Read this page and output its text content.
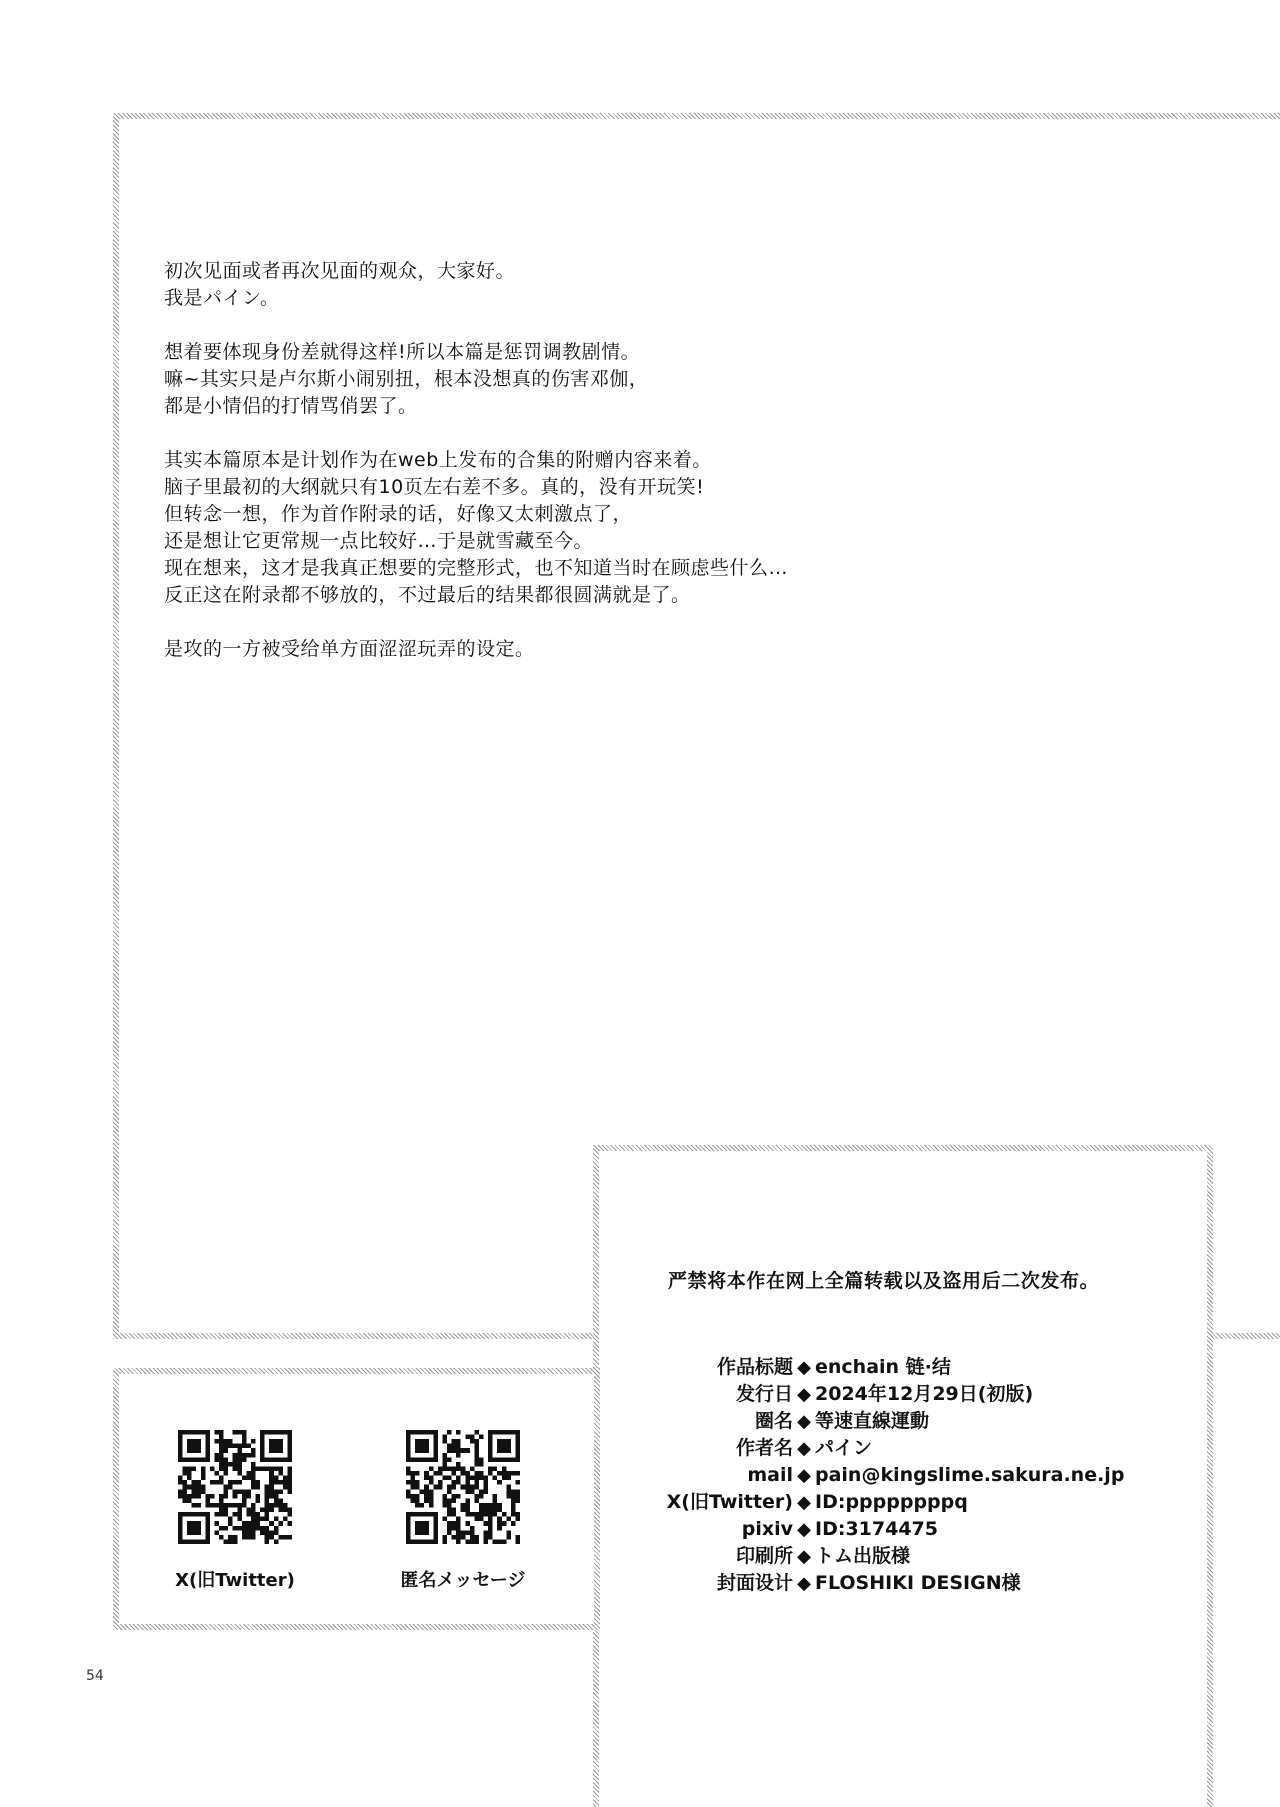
初次见面或者再次见面的观众，大家好。
我是パイン。
想着要体现身份差就得这样!所以本篇是惩罚调教剧情。
嘛~其实只是卢尔斯小闹别扭，根本没想真的伤害邓伽，
都是小情侣的打情骂俏罢了。
其实本篇原本是计划作为在web上发布的合集的附赠内容来着。
脑子里最初的大纲就只有10页左右差不多。真的，没有开玩笑!
但转念一想，作为首作附录的话，好像又太刺激点了，
还是想让它更常规一点比较好…于是就雪藏至今。
现在想来，这才是我真正想要的完整形式，也不知道当时在顾虑些什么…
反正这在附录都不够放的，不过最后的结果都很圆满就是了。
是攻的一方被受给单方面涩涩玩弄的设定。
严禁将本作在网上全篇转载以及盗用后二次发布。
作品标题 ◆ enchain 链·结
发行日 ◆ 2024年12月29日(初版)
圈名 ◆ 等速直線運動
作者名 ◆ パイン
mail ◆ pain@kingslime.sakura.ne.jp
X(旧Twitter) ◆ ID:ppppppppq
pixiv ◆ ID:3174475
印刷所 ◆ トム出版様
封面设计 ◆ FLOSHIKI DESIGN様
X(旧Twitter)	匿名メッセージ
54
